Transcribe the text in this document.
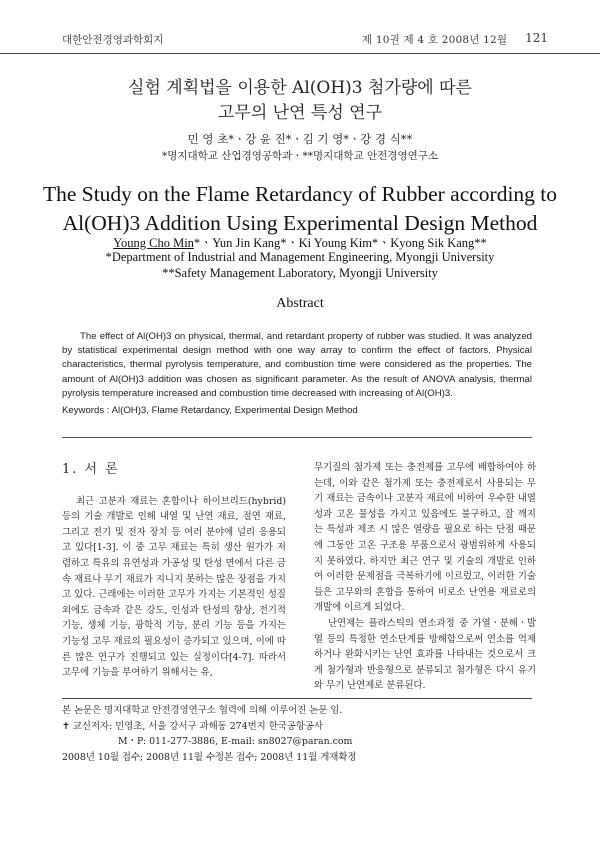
대한안전경영과학회지	제 10권 제 4 호 2008년 12월 121
실험 계획법을 이용한 Al(OH)3 첨가량에 따른
고무의 난연 특성 연구
민 영 초*ㆍ강 윤 진*ㆍ김 기 영*ㆍ강 경 식**
*명지대학교 산업경영공학과ㆍ**명지대학교 안전경영연구소
The Study on the Flame Retardancy of Rubber according to
Al(OH)3 Addition Using Experimental Design Method
Young Cho Min*ㆍYun Jin Kang*ㆍKi Young Kim*ㆍKyong Sik Kang**
*Department of Industrial and Management Engineering, Myongji University
**Safety Management Laboratory, Myongji University
Abstract
The effect of Al(OH)3 on physical, thermal, and retardant property of rubber was studied. It was analyzed by statistical experimental design method with one way array to confirm the effect of factors. Physical characteristics, thermal pyrolysis temperature, and combustion time were considered as the properties. The amount of Al(OH)3 addition was chosen as significant parameter. As the result of ANOVA analysis, thermal pyrolysis temperature increased and combustion time decreased with increasing of Al(OH)3.
Keywords : Al(OH)3, Flame Retardancy, Experimental Design Method
1. 서 론
최근 고분자 재료는 혼합이나 하이브리드(hybrid) 등의 기술 개발로 인해 내열 및 난연 재료, 절연 재료, 그리고 전기 및 전자 장치 등 여러 분야에 널리 응용되고 있다[1-3]. 이 중 고무 재료는 특히 생산 원가가 저렴하고 특유의 유연성과 가공성 및 탄성 면에서 다른 금속 재료나 무기 재료가 지니지 못하는 많은 장점을 가지고 있다. 근래에는 이러한 고무가 가지는 기본적인 성질 외에도 금속과 같은 강도, 인성과 탄성의 향상, 전기적 기능, 생체 기능, 광학적 기능, 분리 기능 등을 가지는 기능성 고무 재료의 필요성이 증가되고 있으며, 이에 따른 많은 연구가 진행되고 있는 실정이다[4-7]. 따라서 고무에 기능을 부여하기 위해서는 유,
무기질의 첨가제 또는 충전제를 고무에 배합하여야 하는데, 이와 같은 첨가제 또는 충전제로서 사용되는 무기 재료는 금속이나 고분자 재료에 비하여 우수한 내열성과 고온 물성을 가지고 있음에도 불구하고, 잘 깨지는 특성과 제조 시 많은 열량을 필요로 하는 단점 때문에 그동안 고온 구조용 부품으로서 광범위하게 사용되지 못하였다. 하지만 최근 연구 및 기술의 개발로 인하여 이러한 문제점을 극복하기에 이르렀고, 이러한 기술들은 고무와의 혼합을 통하여 비로소 난연용 재료로의 개발에 이르게 되었다.
난연제는 플라스틱의 연소과정 중 가열ㆍ분해ㆍ발열 등의 특정한 연소단계를 방해함으로써 연소를 억제하거나 완화시키는 난연 효과를 나타내는 것으로서 크게 첨가형과 반응형으로 분류되고 첨가형은 다시 유기와 무기 난연제로 분류된다.
본 논문은 명지대학교 안전경영연구소 협력에 의해 이루어진 논문 임.
✝ 교신저자: 민영초, 서울 강서구 과해동 274번지 한국공항공사
M・P: 011-277-3886, E-mail: sn8027@paran.com
2008년 10월 접수; 2008년 11월 수정본 접수; 2008년 11월 게재확정
